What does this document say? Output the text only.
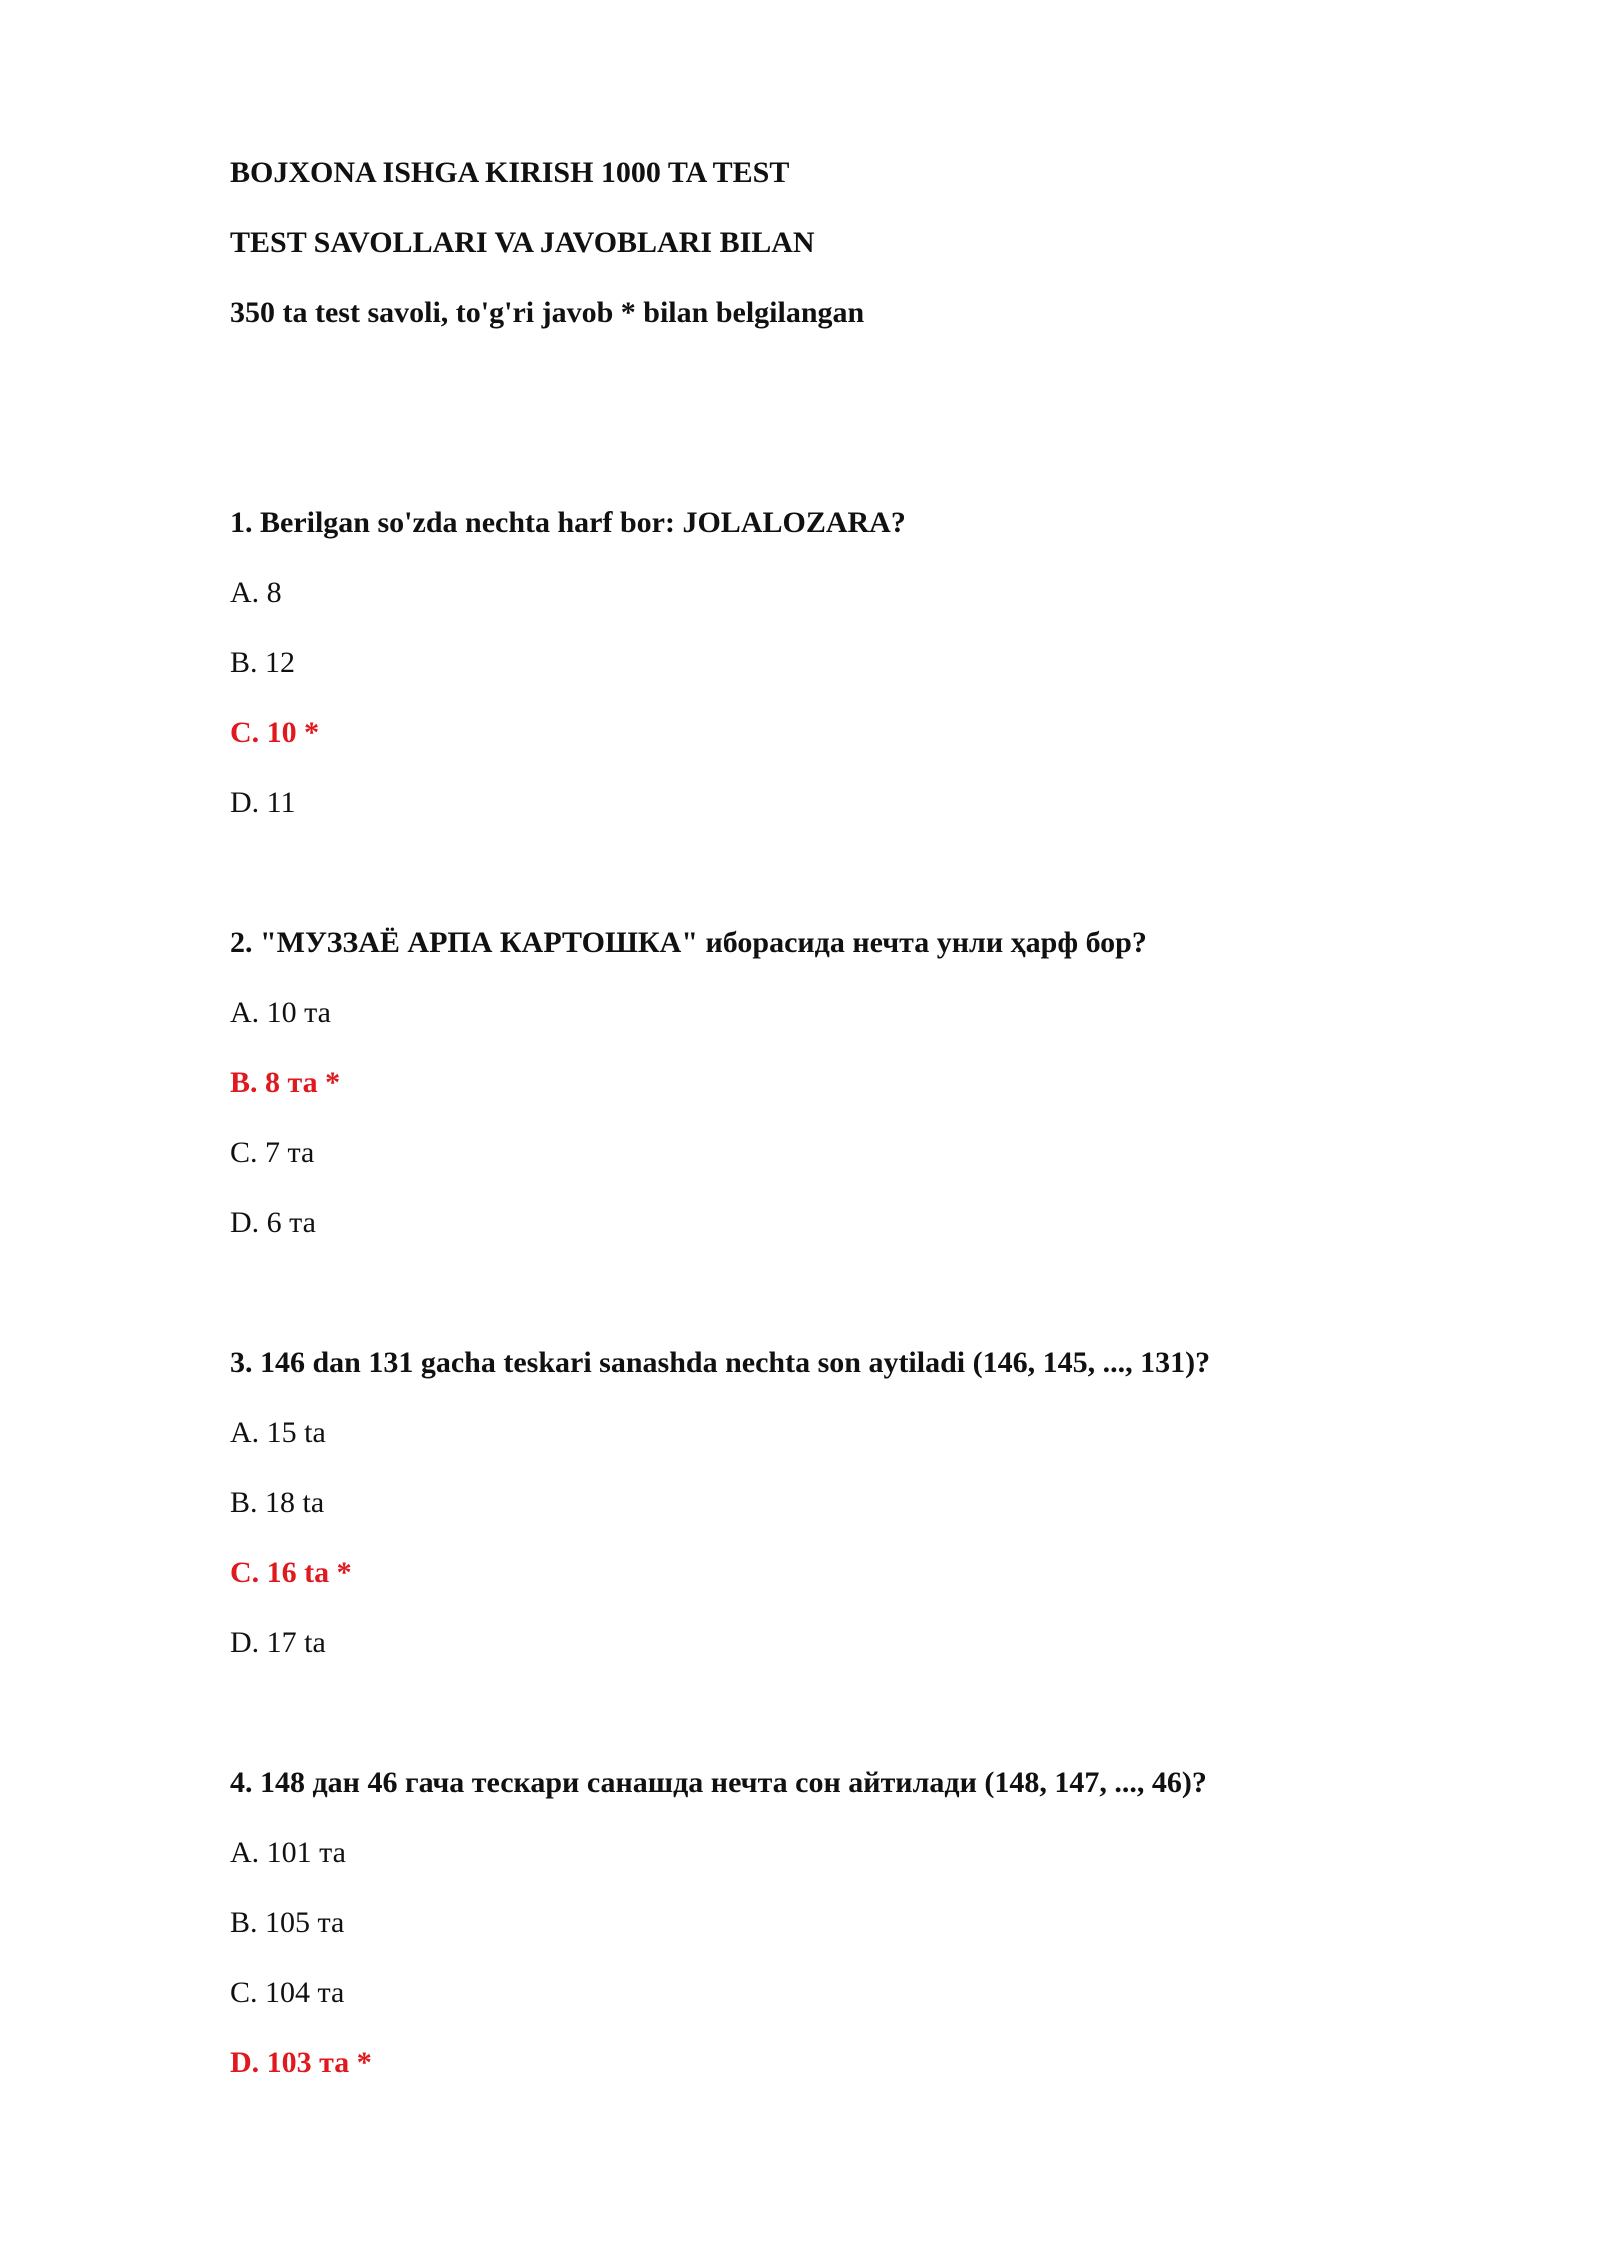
BOJXONA ISHGA KIRISH 1000 TA TEST
TEST SAVOLLARI VA JAVOBLARI BILAN
350 ta test savoli, to'g'ri javob * bilan belgilangan
1. Berilgan so'zda nechta harf bor: JOLALOZARA?
A. 8
B. 12
C. 10 *
D. 11
2. "МУЗЗАЁ АРПА КАРТОШКА" иборасида нечта унли ҳарф бор?
A. 10 та
B. 8 та *
C. 7 та
D. 6 та
3. 146 dan 131 gacha teskari sanashda nechta son aytiladi (146, 145, ..., 131)?
A. 15 ta
B. 18 ta
C. 16 ta *
D. 17 ta
4. 148 дан 46 гача тескари санашда нечта сон айтилади (148, 147, ..., 46)?
A. 101 та
B. 105 та
C. 104 та
D. 103 та *
